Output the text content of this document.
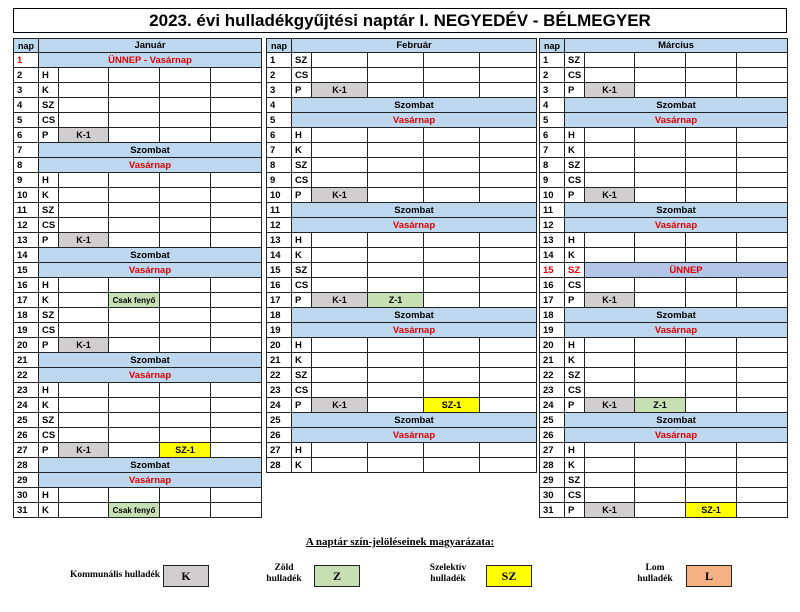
2023. évi hulladékgyűjtési naptár I. NEGYEDÉV - BÉLMEGYER
nap	Január				
1	ÜNNEP - Vasárnap				
2	H				
3	K				
4	SZ				
5	CS				
6	P	K-1			
7	Szombat				
8	Vasárnap				
9	H				
10	K				
11	SZ				
12	CS				
13	P	K-1			
14	Szombat				
15	Vasárnap				
16	H				
17	K		Csak fenyő		
18	SZ				
19	CS				
20	P	K-1			
21	Szombat				
22	Vasárnap				
23	H				
24	K				
25	SZ				
26	CS				
27	P	K-1		SZ-1	
28	Szombat				
29	Vasárnap				
30	H				
31	K		Csak fenyő		
nap	Február				
1	SZ				
2	CS				
3	P	K-1			
4	Szombat				
5	Vasárnap				
6	H				
7	K				
8	SZ				
9	CS				
10	P	K-1			
11	Szombat				
12	Vasárnap				
13	H				
14	K				
15	SZ				
16	CS				
17	P	K-1	Z-1		
18	Szombat				
19	Vasárnap				
20	H				
21	K				
22	SZ				
23	CS				
24	P	K-1		SZ-1	
25	Szombat				
26	Vasárnap				
27	H				
28	K				
nap	Március				
1	SZ				
2	CS				
3	P	K-1			
4	Szombat				
5	Vasárnap				
6	H				
7	K				
8	SZ				
9	CS				
10	P	K-1			
11	Szombat				
12	Vasárnap				
13	H				
14	K				
15	SZ	ÜNNEP			
16	CS				
17	P	K-1			
18	Szombat				
19	Vasárnap				
20	H				
21	K				
22	SZ				
23	CS				
24	P	K-1	Z-1		
25	Szombat				
26	Vasárnap				
27	H				
28	K				
29	SZ				
30	CS				
31	P	K-1		SZ-1	
A naptár szín-jelöléseinek magyarázata:
Kommunális hulladék	K
Zöld hulladék	Z
Szelektív hulladék	SZ
Lom hulladék	L
